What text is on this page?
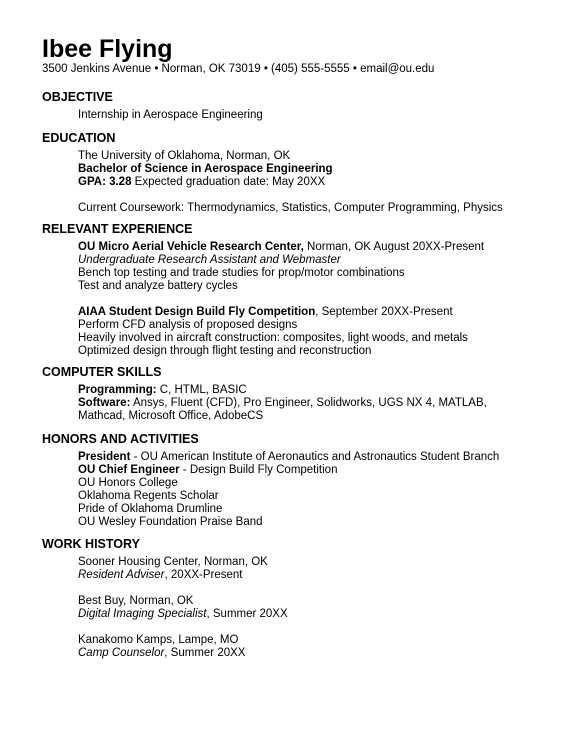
Ibee Flying
3500 Jenkins Avenue • Norman, OK 73019 • (405) 555-5555 • email@ou.edu
OBJECTIVE
Internship in Aerospace Engineering
EDUCATION
The University of Oklahoma, Norman, OK
Bachelor of Science in Aerospace Engineering
GPA: 3.28 Expected graduation date: May 20XX
Current Coursework: Thermodynamics, Statistics, Computer Programming, Physics
RELEVANT EXPERIENCE
OU Micro Aerial Vehicle Research Center, Norman, OK August 20XX-Present
Undergraduate Research Assistant and Webmaster
Bench top testing and trade studies for prop/motor combinations
Test and analyze battery cycles
AIAA Student Design Build Fly Competition, September 20XX-Present
Perform CFD analysis of proposed designs
Heavily involved in aircraft construction: composites, light woods, and metals
Optimized design through flight testing and reconstruction
COMPUTER SKILLS
Programming: C, HTML, BASIC
Software: Ansys, Fluent (CFD), Pro Engineer, Solidworks, UGS NX 4, MATLAB,
Mathcad, Microsoft Office, AdobeCS
HONORS AND ACTIVITIES
President - OU American Institute of Aeronautics and Astronautics Student Branch
OU Chief Engineer - Design Build Fly Competition
OU Honors College
Oklahoma Regents Scholar
Pride of Oklahoma Drumline
OU Wesley Foundation Praise Band
WORK HISTORY
Sooner Housing Center, Norman, OK
Resident Adviser, 20XX-Present
Best Buy, Norman, OK
Digital Imaging Specialist, Summer 20XX
Kanakomo Kamps, Lampe, MO
Camp Counselor, Summer 20XX
